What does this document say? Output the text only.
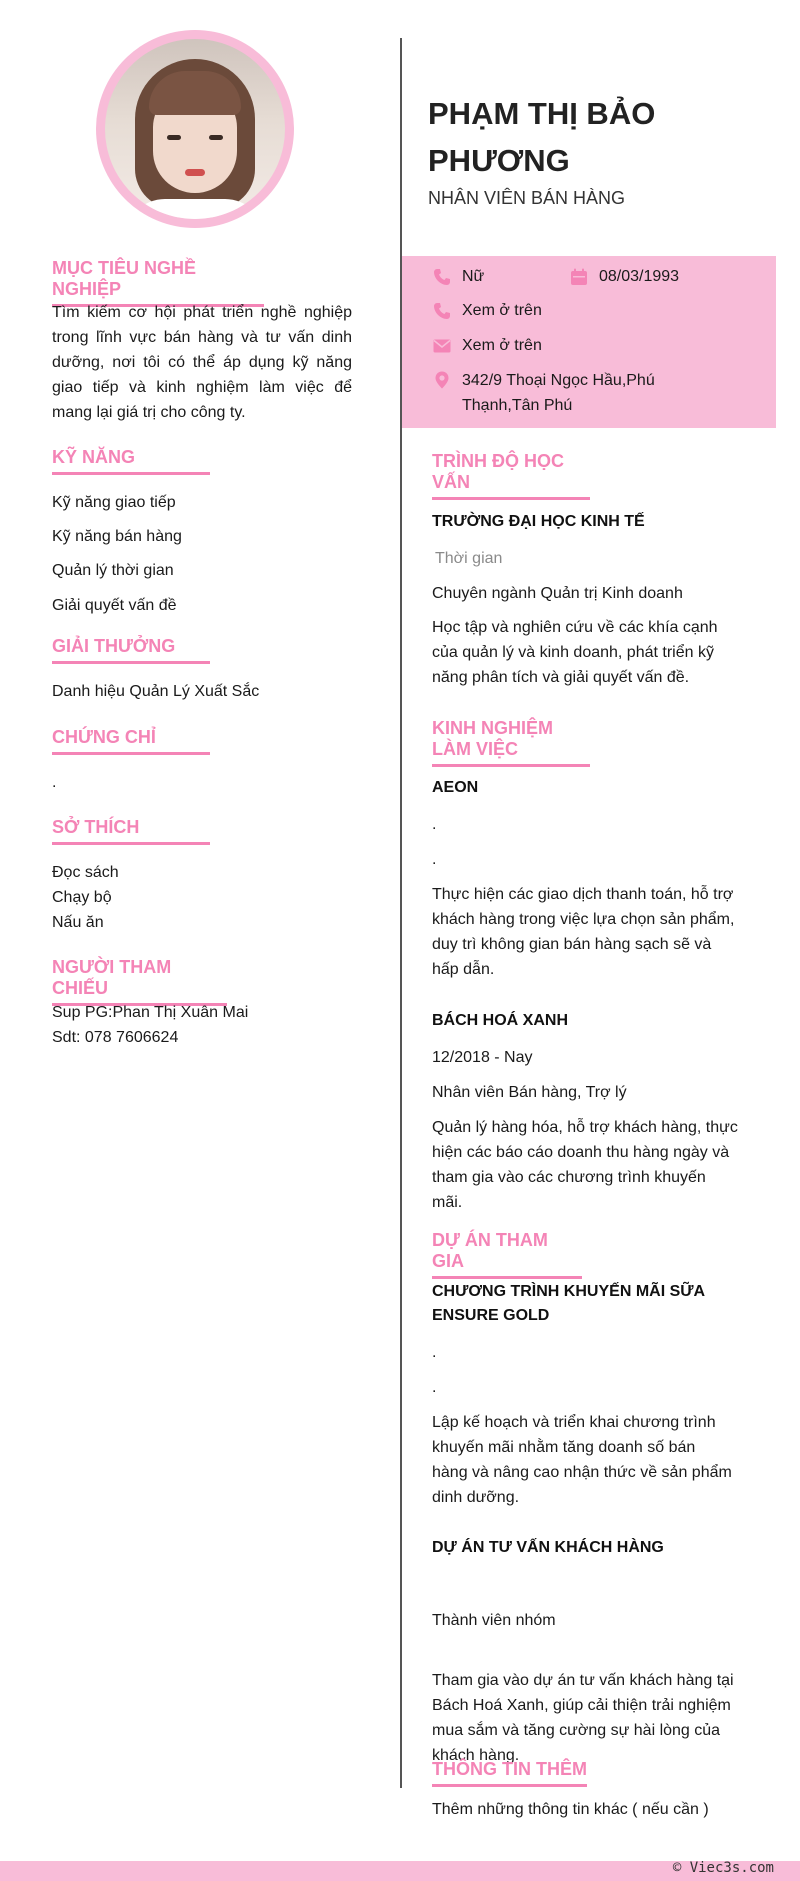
MỤC TIÊU NGHỀ NGHIỆP
Tìm kiếm cơ hội phát triển nghề nghiệp
trong lĩnh vực bán hàng và tư vấn dinh
dưỡng, nơi tôi có thể áp dụng kỹ năng
giao tiếp và kinh nghiệm làm việc để
mang lại giá trị cho công ty.
KỸ NĂNG
Kỹ năng giao tiếp
Kỹ năng bán hàng
Quản lý thời gian
Giải quyết vấn đề
GIẢI THƯỞNG
Danh hiệu Quản Lý Xuất Sắc
CHỨNG CHỈ
.
SỞ THÍCH
Đọc sách
Chạy bộ
Nấu ăn
NGƯỜI THAM CHIẾU
Sup PG:Phan Thị Xuân Mai
Sdt: 078 7606624
PHẠM THỊ BẢO
PHƯƠNG
NHÂN VIÊN BÁN HÀNG
Nữ	08/03/1993
Xem ở trên
Xem ở trên
342/9 Thoại Ngọc Hầu,Phú
Thạnh,Tân Phú
TRÌNH ĐỘ HỌC VẤN
TRƯỜNG ĐẠI HỌC KINH TẾ
Thời gian
Chuyên ngành Quản trị Kinh doanh
Học tập và nghiên cứu về các khía cạnh
của quản lý và kinh doanh, phát triển kỹ
năng phân tích và giải quyết vấn đề.
KINH NGHIỆM LÀM VIỆC
AEON
.
.
Thực hiện các giao dịch thanh toán, hỗ trợ
khách hàng trong việc lựa chọn sản phẩm,
duy trì không gian bán hàng sạch sẽ và
hấp dẫn.
BÁCH HOÁ XANH
12/2018 - Nay
Nhân viên Bán hàng, Trợ lý
Quản lý hàng hóa, hỗ trợ khách hàng, thực
hiện các báo cáo doanh thu hàng ngày và
tham gia vào các chương trình khuyến
mãi.
DỰ ÁN THAM GIA
CHƯƠNG TRÌNH KHUYẾN MÃI SỮA
ENSURE GOLD
.
.
Lập kế hoạch và triển khai chương trình
khuyến mãi nhằm tăng doanh số bán
hàng và nâng cao nhận thức về sản phẩm
dinh dưỡng.
DỰ ÁN TƯ VẤN KHÁCH HÀNG
Thành viên nhóm
Tham gia vào dự án tư vấn khách hàng tại
Bách Hoá Xanh, giúp cải thiện trải nghiệm
mua sắm và tăng cường sự hài lòng của
khách hàng.
THÔNG TIN THÊM
Thêm những thông tin khác ( nếu cần )
© Viec3s.com
